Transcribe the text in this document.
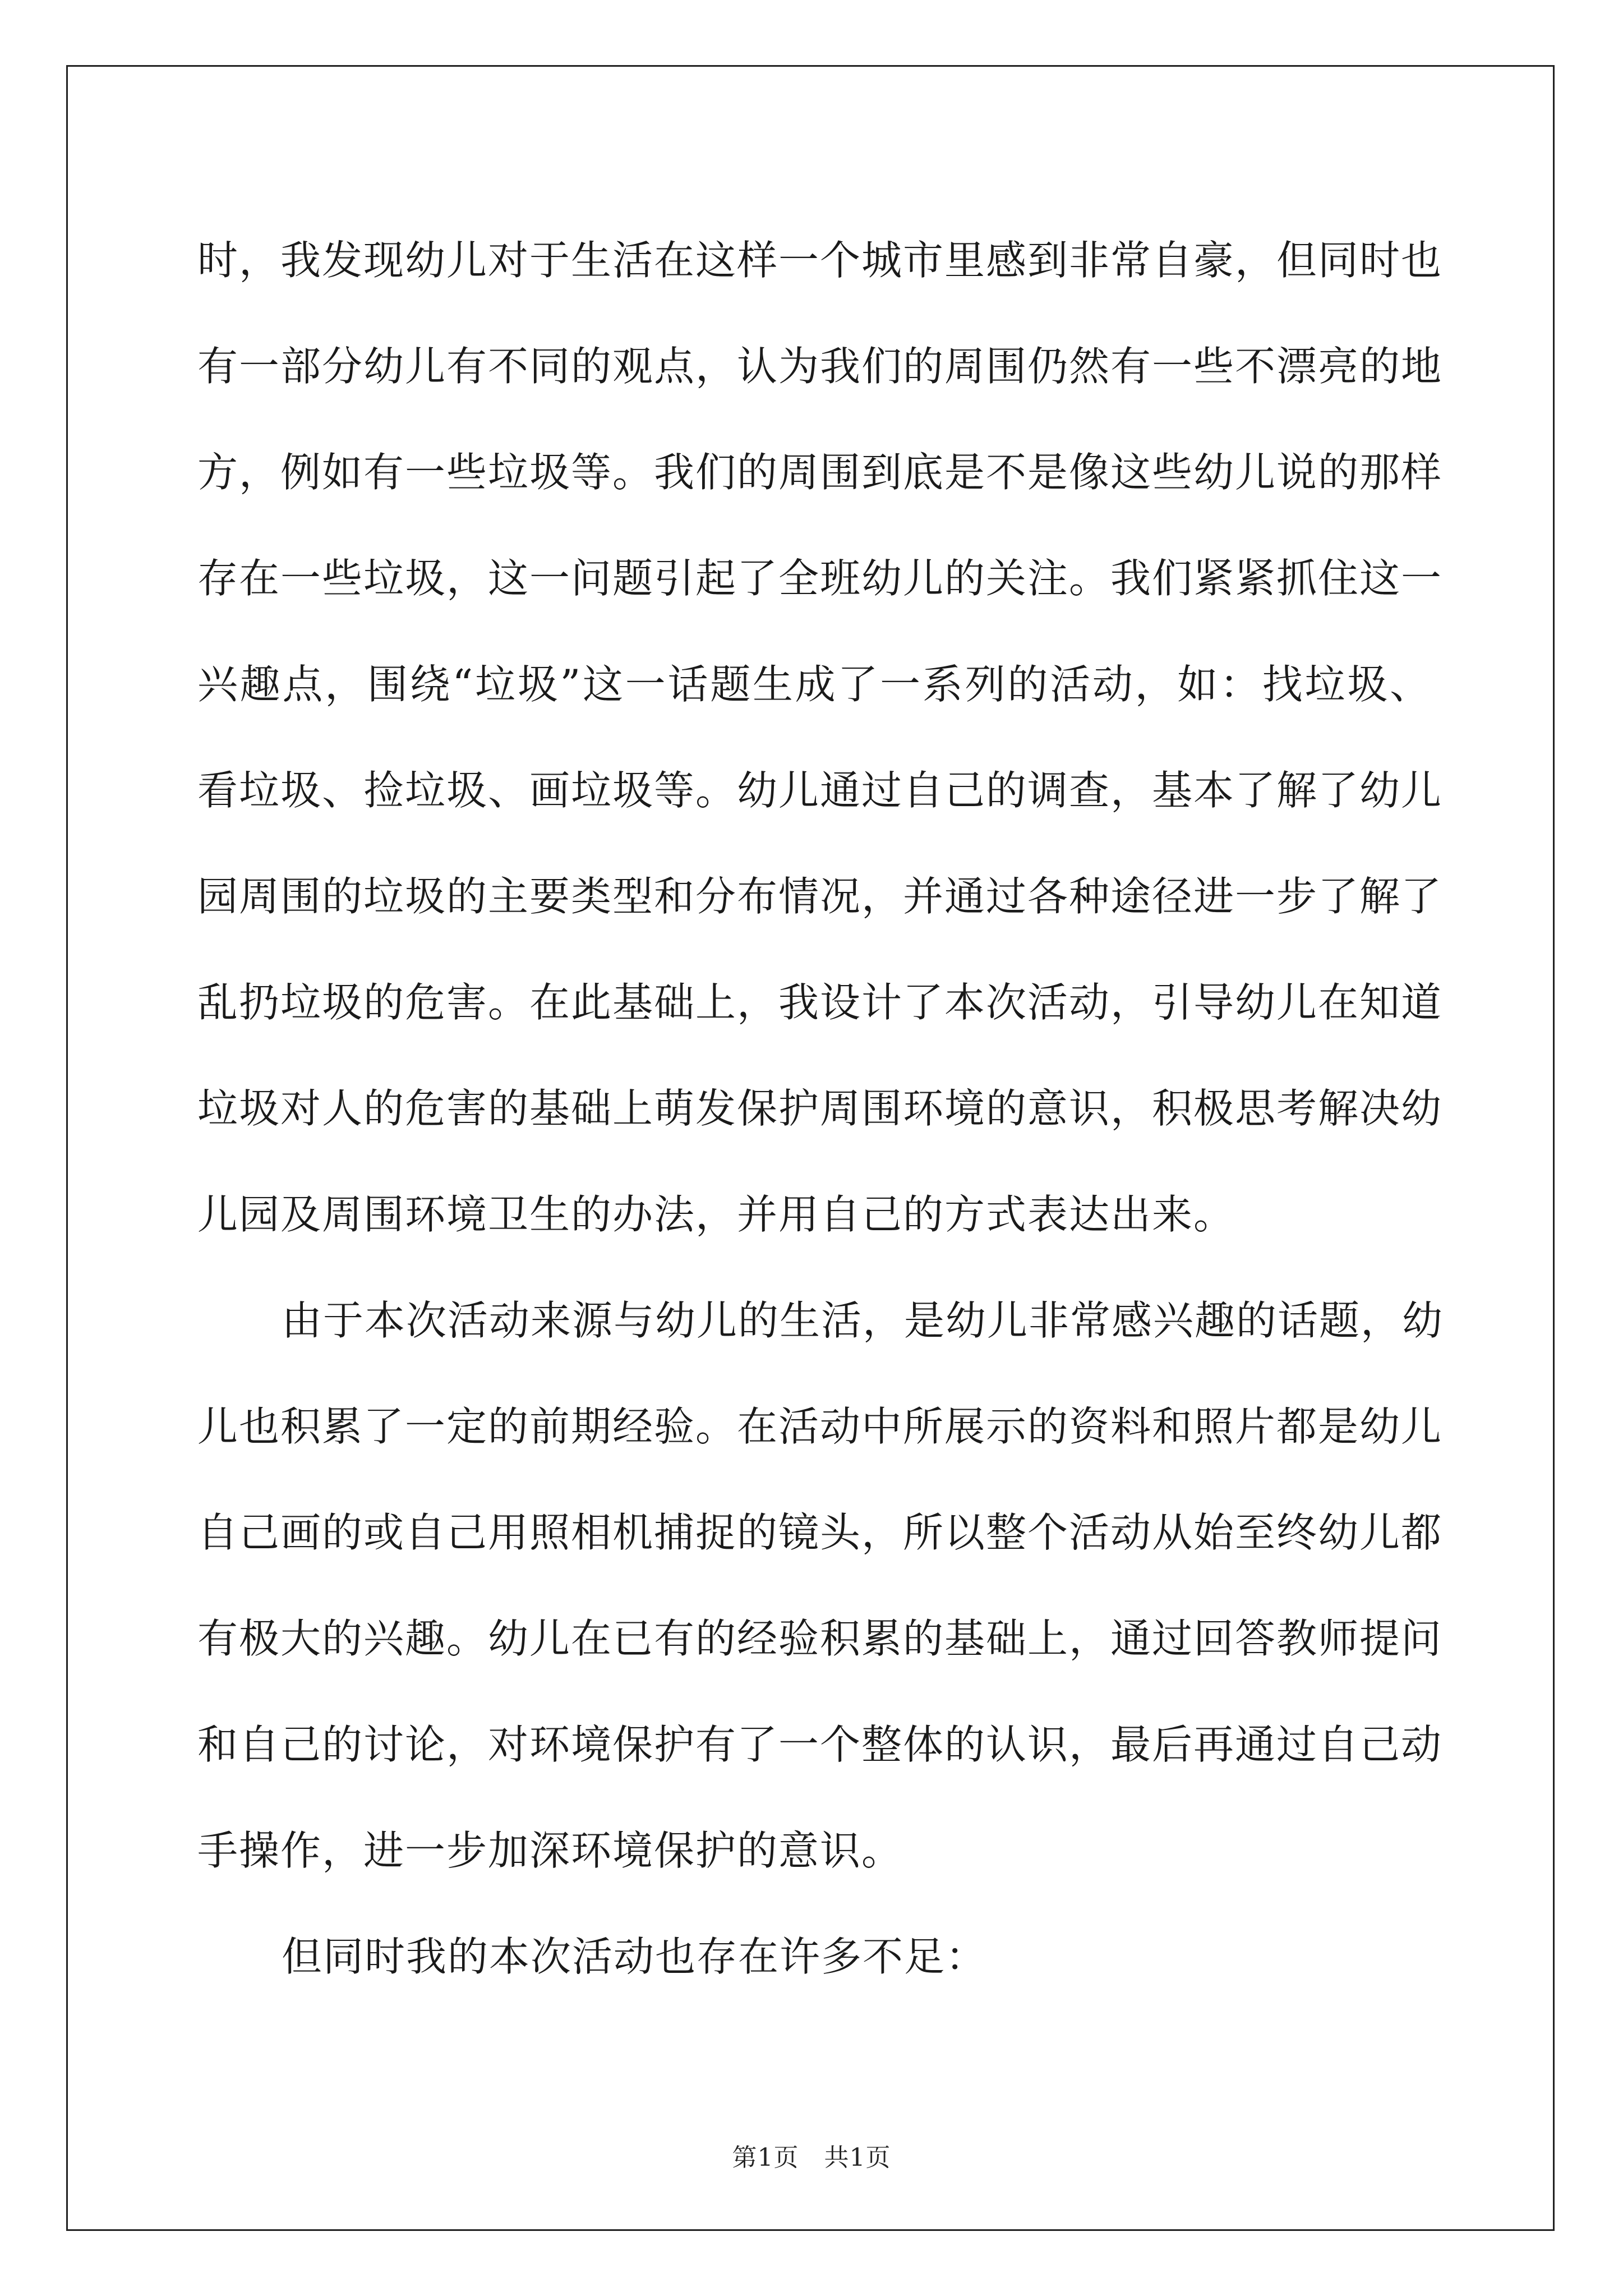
时，我发现幼儿对于生活在这样一个城市里感到非常自豪，但同时也
有一部分幼儿有不同的观点，认为我们的周围仍然有一些不漂亮的地
方，例如有一些垃圾等。我们的周围到底是不是像这些幼儿说的那样
存在一些垃圾，这一问题引起了全班幼儿的关注。我们紧紧抓住这一
兴趣点，围绕“垃圾”这一话题生成了一系列的活动，如：找垃圾、
看垃圾、捡垃圾、画垃圾等。幼儿通过自己的调查，基本了解了幼儿
园周围的垃圾的主要类型和分布情况，并通过各种途径进一步了解了
乱扔垃圾的危害。在此基础上，我设计了本次活动，引导幼儿在知道
垃圾对人的危害的基础上萌发保护周围环境的意识，积极思考解决幼
儿园及周围环境卫生的办法，并用自己的方式表达出来。
由于本次活动来源与幼儿的生活，是幼儿非常感兴趣的话题，幼
儿也积累了一定的前期经验。在活动中所展示的资料和照片都是幼儿
自己画的或自己用照相机捕捉的镜头，所以整个活动从始至终幼儿都
有极大的兴趣。幼儿在已有的经验积累的基础上，通过回答教师提问
和自己的讨论，对环境保护有了一个整体的认识，最后再通过自己动
手操作，进一步加深环境保护的意识。
但同时我的本次活动也存在许多不足：
第1页　共1页
